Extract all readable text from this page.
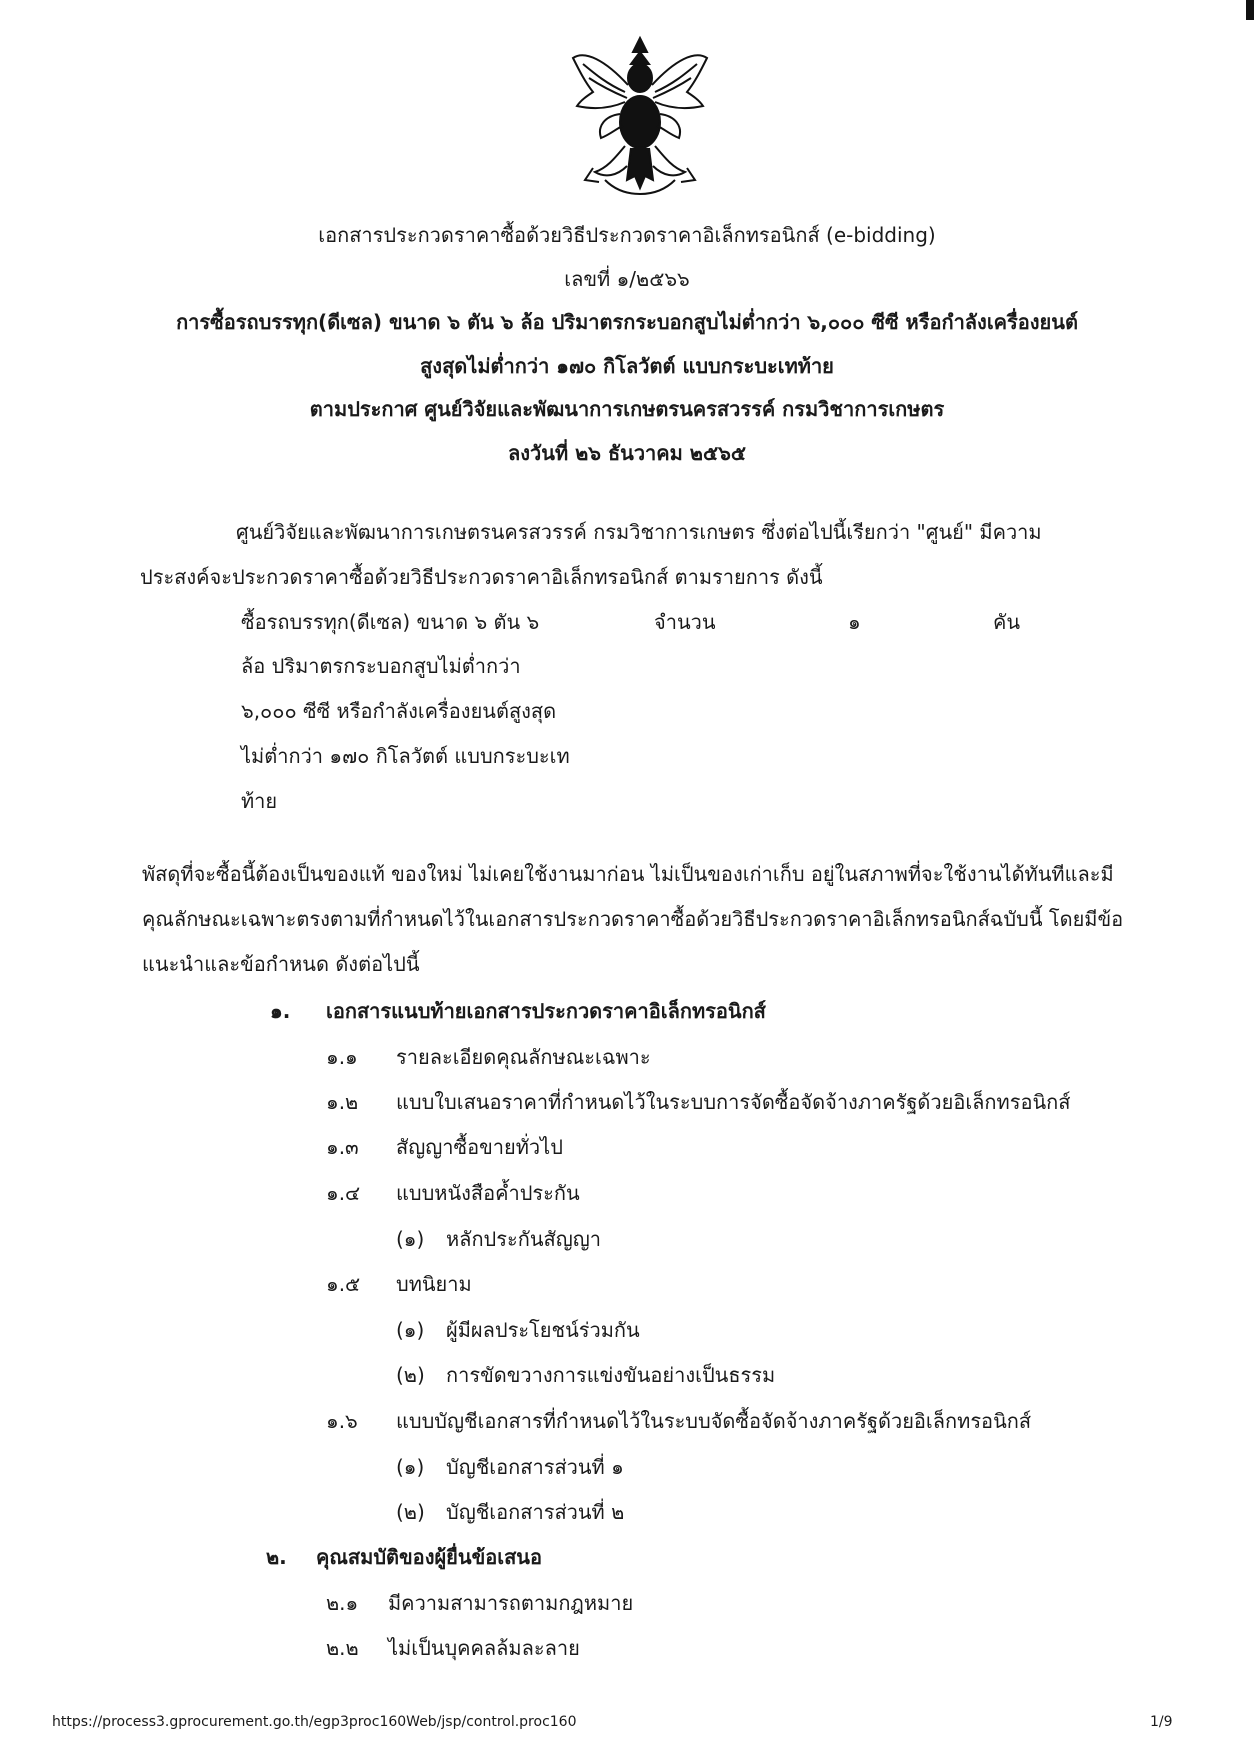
เอกสารประกวดราคาซื้อด้วยวิธีประกวดราคาอิเล็กทรอนิกส์ (e-bidding)
เลขที่ ๑/๒๕๖๖
การซื้อรถบรรทุก(ดีเซล) ขนาด ๖ ตัน ๖ ล้อ ปริมาตรกระบอกสูบไม่ต่ำกว่า ๖,๐๐๐ ซีซี หรือกำลังเครื่องยนต์
สูงสุดไม่ต่ำกว่า ๑๗๐ กิโลวัตต์ แบบกระบะเทท้าย
ตามประกาศ ศูนย์วิจัยและพัฒนาการเกษตรนครสวรรค์ กรมวิชาการเกษตร
ลงวันที่ ๒๖ ธันวาคม ๒๕๖๕
ศูนย์วิจัยและพัฒนาการเกษตรนครสวรรค์ กรมวิชาการเกษตร ซึ่งต่อไปนี้เรียกว่า "ศูนย์" มีความ
ประสงค์จะประกวดราคาซื้อด้วยวิธีประกวดราคาอิเล็กทรอนิกส์ ตามรายการ ดังนี้
ซื้อรถบรรทุก(ดีเซล) ขนาด ๖ ตัน ๖
ล้อ ปริมาตรกระบอกสูบไม่ต่ำกว่า
๖,๐๐๐ ซีซี หรือกำลังเครื่องยนต์สูงสุด
ไม่ต่ำกว่า ๑๗๐ กิโลวัตต์ แบบกระบะเท
ท้าย
จำนวน	๑	คัน
พัสดุที่จะซื้อนี้ต้องเป็นของแท้ ของใหม่ ไม่เคยใช้งานมาก่อน ไม่เป็นของเก่าเก็บ อยู่ในสภาพที่จะใช้งานได้ทันทีและมี
คุณลักษณะเฉพาะตรงตามที่กำหนดไว้ในเอกสารประกวดราคาซื้อด้วยวิธีประกวดราคาอิเล็กทรอนิกส์ฉบับนี้ โดยมีข้อ
แนะนำและข้อกำหนด ดังต่อไปนี้
๑. เอกสารแนบท้ายเอกสารประกวดราคาอิเล็กทรอนิกส์
๑.๑ รายละเอียดคุณลักษณะเฉพาะ
๑.๒ แบบใบเสนอราคาที่กำหนดไว้ในระบบการจัดซื้อจัดจ้างภาครัฐด้วยอิเล็กทรอนิกส์
๑.๓ สัญญาซื้อขายทั่วไป
๑.๔ แบบหนังสือค้ำประกัน
(๑) หลักประกันสัญญา
๑.๕ บทนิยาม
(๑) ผู้มีผลประโยชน์ร่วมกัน
(๒) การขัดขวางการแข่งขันอย่างเป็นธรรม
๑.๖ แบบบัญชีเอกสารที่กำหนดไว้ในระบบจัดซื้อจัดจ้างภาครัฐด้วยอิเล็กทรอนิกส์
(๑) บัญชีเอกสารส่วนที่ ๑
(๒) บัญชีเอกสารส่วนที่ ๒
๒. คุณสมบัติของผู้ยื่นข้อเสนอ
๒.๑ มีความสามารถตามกฎหมาย
๒.๒ ไม่เป็นบุคคลล้มละลาย
https://process3.gprocurement.go.th/egp3proc160Web/jsp/control.proc160	1/9
